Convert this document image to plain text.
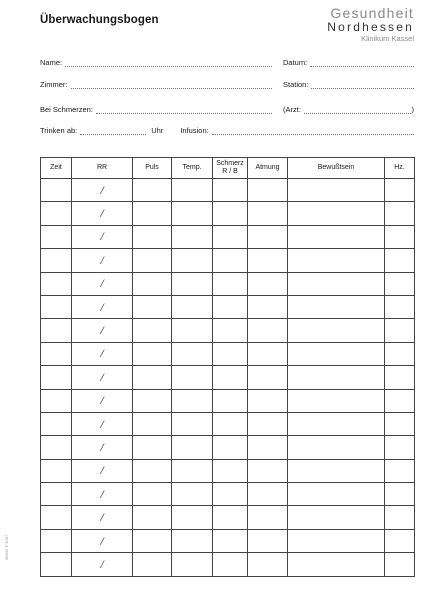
Überwachungsbogen	Gesundheit
Nordhessen
Klinikum Kassel
Name:	Datum:
Zimmer:	Station:
Bei Schmerzen:	(Arzt:	)
Trinken ab:	Uhr	Infusion:
Zeit	RR	Puls	Temp.	Schmerz R / B	Atmung	Bewußtsein	Hz.
	/						
	/						
	/						
	/						
	/						
	/						
	/						
	/						
	/						
	/						
	/						
	/						
	/						
	/						
	/						
	/						
	/						
98503 ® 3007
